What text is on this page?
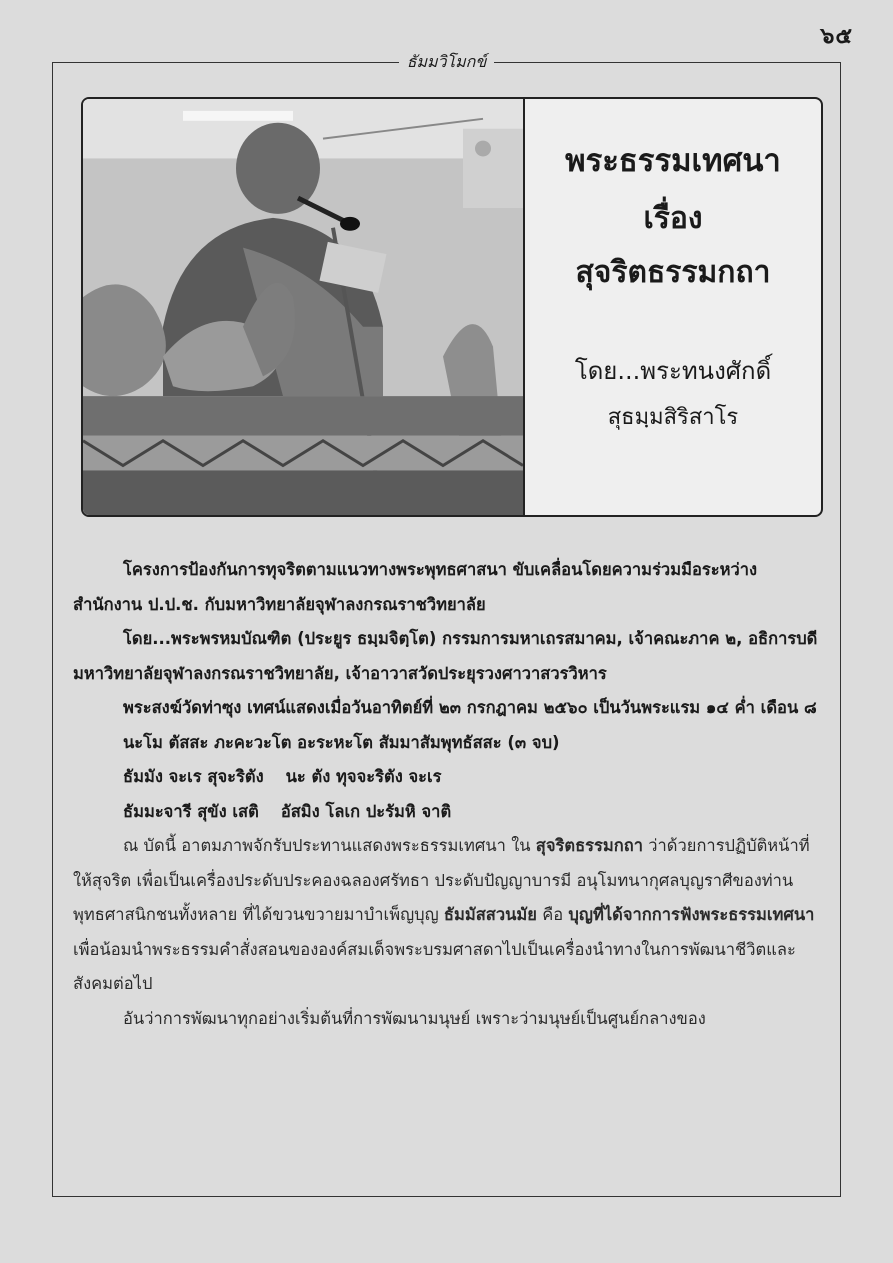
๖๕
ธัมมวิโมกข์
พระธรรมเทศนา
เรื่อง
สุจริตธรรมกถา
โดย...พระทนงศักดิ์
สุธมฺมสิริสาโร

โครงการป้องกันการทุจริตตามแนวทางพระพุทธศาสนา ขับเคลื่อนโดยความร่วมมือระหว่างสำนักงาน ป.ป.ช. กับมหาวิทยาลัยจุฬาลงกรณราชวิทยาลัย

โดย...พระพรหมบัณฑิต (ประยูร ธมฺมจิตฺโต) กรรมการมหาเถรสมาคม, เจ้าคณะภาค ๒, อธิการบดีมหาวิทยาลัยจุฬาลงกรณราชวิทยาลัย, เจ้าอาวาสวัดประยุรวงศาวาสวรวิหาร

พระสงฆ์วัดท่าซุง เทศน์แสดงเมื่อวันอาทิตย์ที่ ๒๓ กรกฎาคม ๒๕๖๐ เป็นวันพระแรม ๑๔ ค่ำ เดือน ๘

นะโม ตัสสะ ภะคะวะโต อะระหะโต สัมมาสัมพุทธัสสะ (๓ จบ)

ธัมมัง จะเร สุจะริตัง นะ ตัง ทุจจะริตัง จะเร

ธัมมะจารี สุขัง เสติ อัสมิง โลเก ปะรัมหิ จาติ

ณ บัดนี้ อาตมภาพจักรับประทานแสดงพระธรรมเทศนา ใน สุจริตธรรมกถา ว่าด้วยการปฏิบัติหน้าที่ให้สุจริต เพื่อเป็นเครื่องประดับประคองฉลองศรัทธา ประดับปัญญาบารมี อนุโมทนากุศลบุญราศีของท่านพุทธศาสนิกชนทั้งหลาย ที่ได้ขวนขวายมาบำเพ็ญบุญ ธัมมัสสวนมัย คือ บุญที่ได้จากการฟังพระธรรมเทศนา เพื่อน้อมนำพระธรรมคำสั่งสอนขององค์สมเด็จพระบรมศาสดาไปเป็นเครื่องนำทางในการพัฒนาชีวิตและสังคมต่อไป

อันว่าการพัฒนาทุกอย่างเริ่มต้นที่การพัฒนามนุษย์ เพราะว่ามนุษย์เป็นศูนย์กลางของ
